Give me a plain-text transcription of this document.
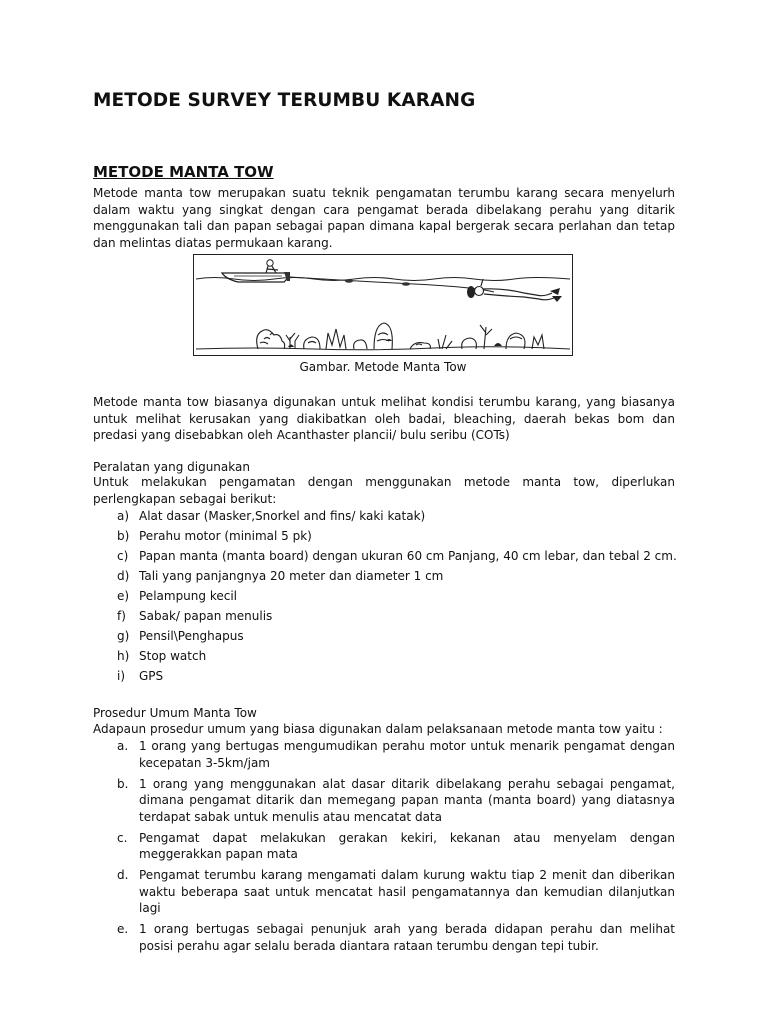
METODE SURVEY TERUMBU KARANG
METODE MANTA TOW

Metode manta tow merupakan suatu teknik pengamatan terumbu karang secara menyelurh dalam waktu yang singkat dengan cara pengamat berada dibelakang perahu yang ditarik menggunakan tali dan papan sebagai papan dimana kapal bergerak secara perlahan dan tetap dan melintas diatas permukaan karang.

Gambar. Metode Manta Tow

Metode manta tow biasanya digunakan untuk melihat kondisi terumbu karang, yang biasanya untuk melihat kerusakan yang diakibatkan oleh badai, bleaching, daerah bekas bom dan predasi yang disebabkan oleh Acanthaster plancii/ bulu seribu (COTs)

Peralatan yang digunakan

Untuk melakukan pengamatan dengan menggunakan metode manta tow, diperlukan perlengkapan sebagai berikut:

a) Alat dasar (Masker,Snorkel and fins/ kaki katak)
b) Perahu motor (minimal 5 pk)
c) Papan manta (manta board) dengan ukuran 60 cm Panjang, 40 cm lebar, dan tebal 2 cm.
d) Tali yang panjangnya 20 meter dan diameter 1 cm
e) Pelampung kecil
f)	Sabak/ papan menulis
g) Pensil\Penghapus
h) Stop watch
i)	GPS

Prosedur Umum Manta Tow

Adapaun prosedur umum yang biasa digunakan dalam pelaksanaan metode manta tow yaitu :

a. 1 orang yang bertugas mengumudikan perahu motor untuk menarik pengamat dengan kecepatan 3-5km/jam
b. 1 orang yang menggunakan alat dasar ditarik dibelakang perahu sebagai pengamat, dimana pengamat ditarik dan memegang papan manta (manta board) yang diatasnya terdapat sabak untuk menulis atau mencatat data
c. Pengamat dapat melakukan gerakan kekiri, kekanan atau menyelam dengan meggerakkan papan mata
d. Pengamat terumbu karang mengamati dalam kurung waktu tiap 2 menit dan diberikan waktu beberapa saat untuk mencatat hasil pengamatannya dan kemudian dilanjutkan lagi
e. 1 orang bertugas sebagai penunjuk arah yang berada didapan perahu dan melihat posisi perahu agar selalu berada diantara rataan terumbu dengan tepi tubir.
